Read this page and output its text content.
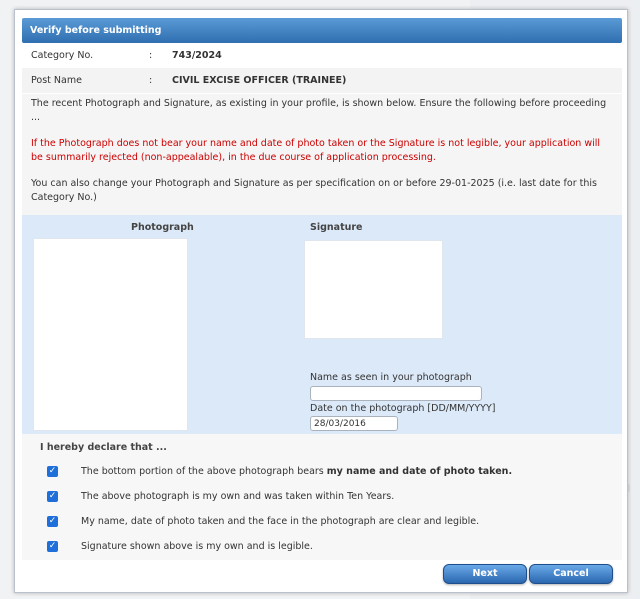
Verify before submitting
Category No.	: 743/2024
Post Name	: CIVIL EXCISE OFFICER (TRAINEE)

The recent Photograph and Signature, as existing in your profile, is shown below. Ensure the following before proceeding ...

If the Photograph does not bear your name and date of photo taken or the Signature is not legible, your application will be summarily rejected (non-appealable), in the due course of application processing.

You can also change your Photograph and Signature as per specification on or before 29-01-2025 (i.e. last date for this Category No.)

Photograph	Signature
Name as seen in your photograph
Date on the photograph [DD/MM/YYYY]
28/03/2016
I hereby declare that ...
✓	The bottom portion of the above photograph bears my name and date of photo taken.
✓	The above photograph is my own and was taken within Ten Years.
✓	My name, date of photo taken and the face in the photograph are clear and legible.
✓	Signature shown above is my own and is legible.
Next	Cancel
